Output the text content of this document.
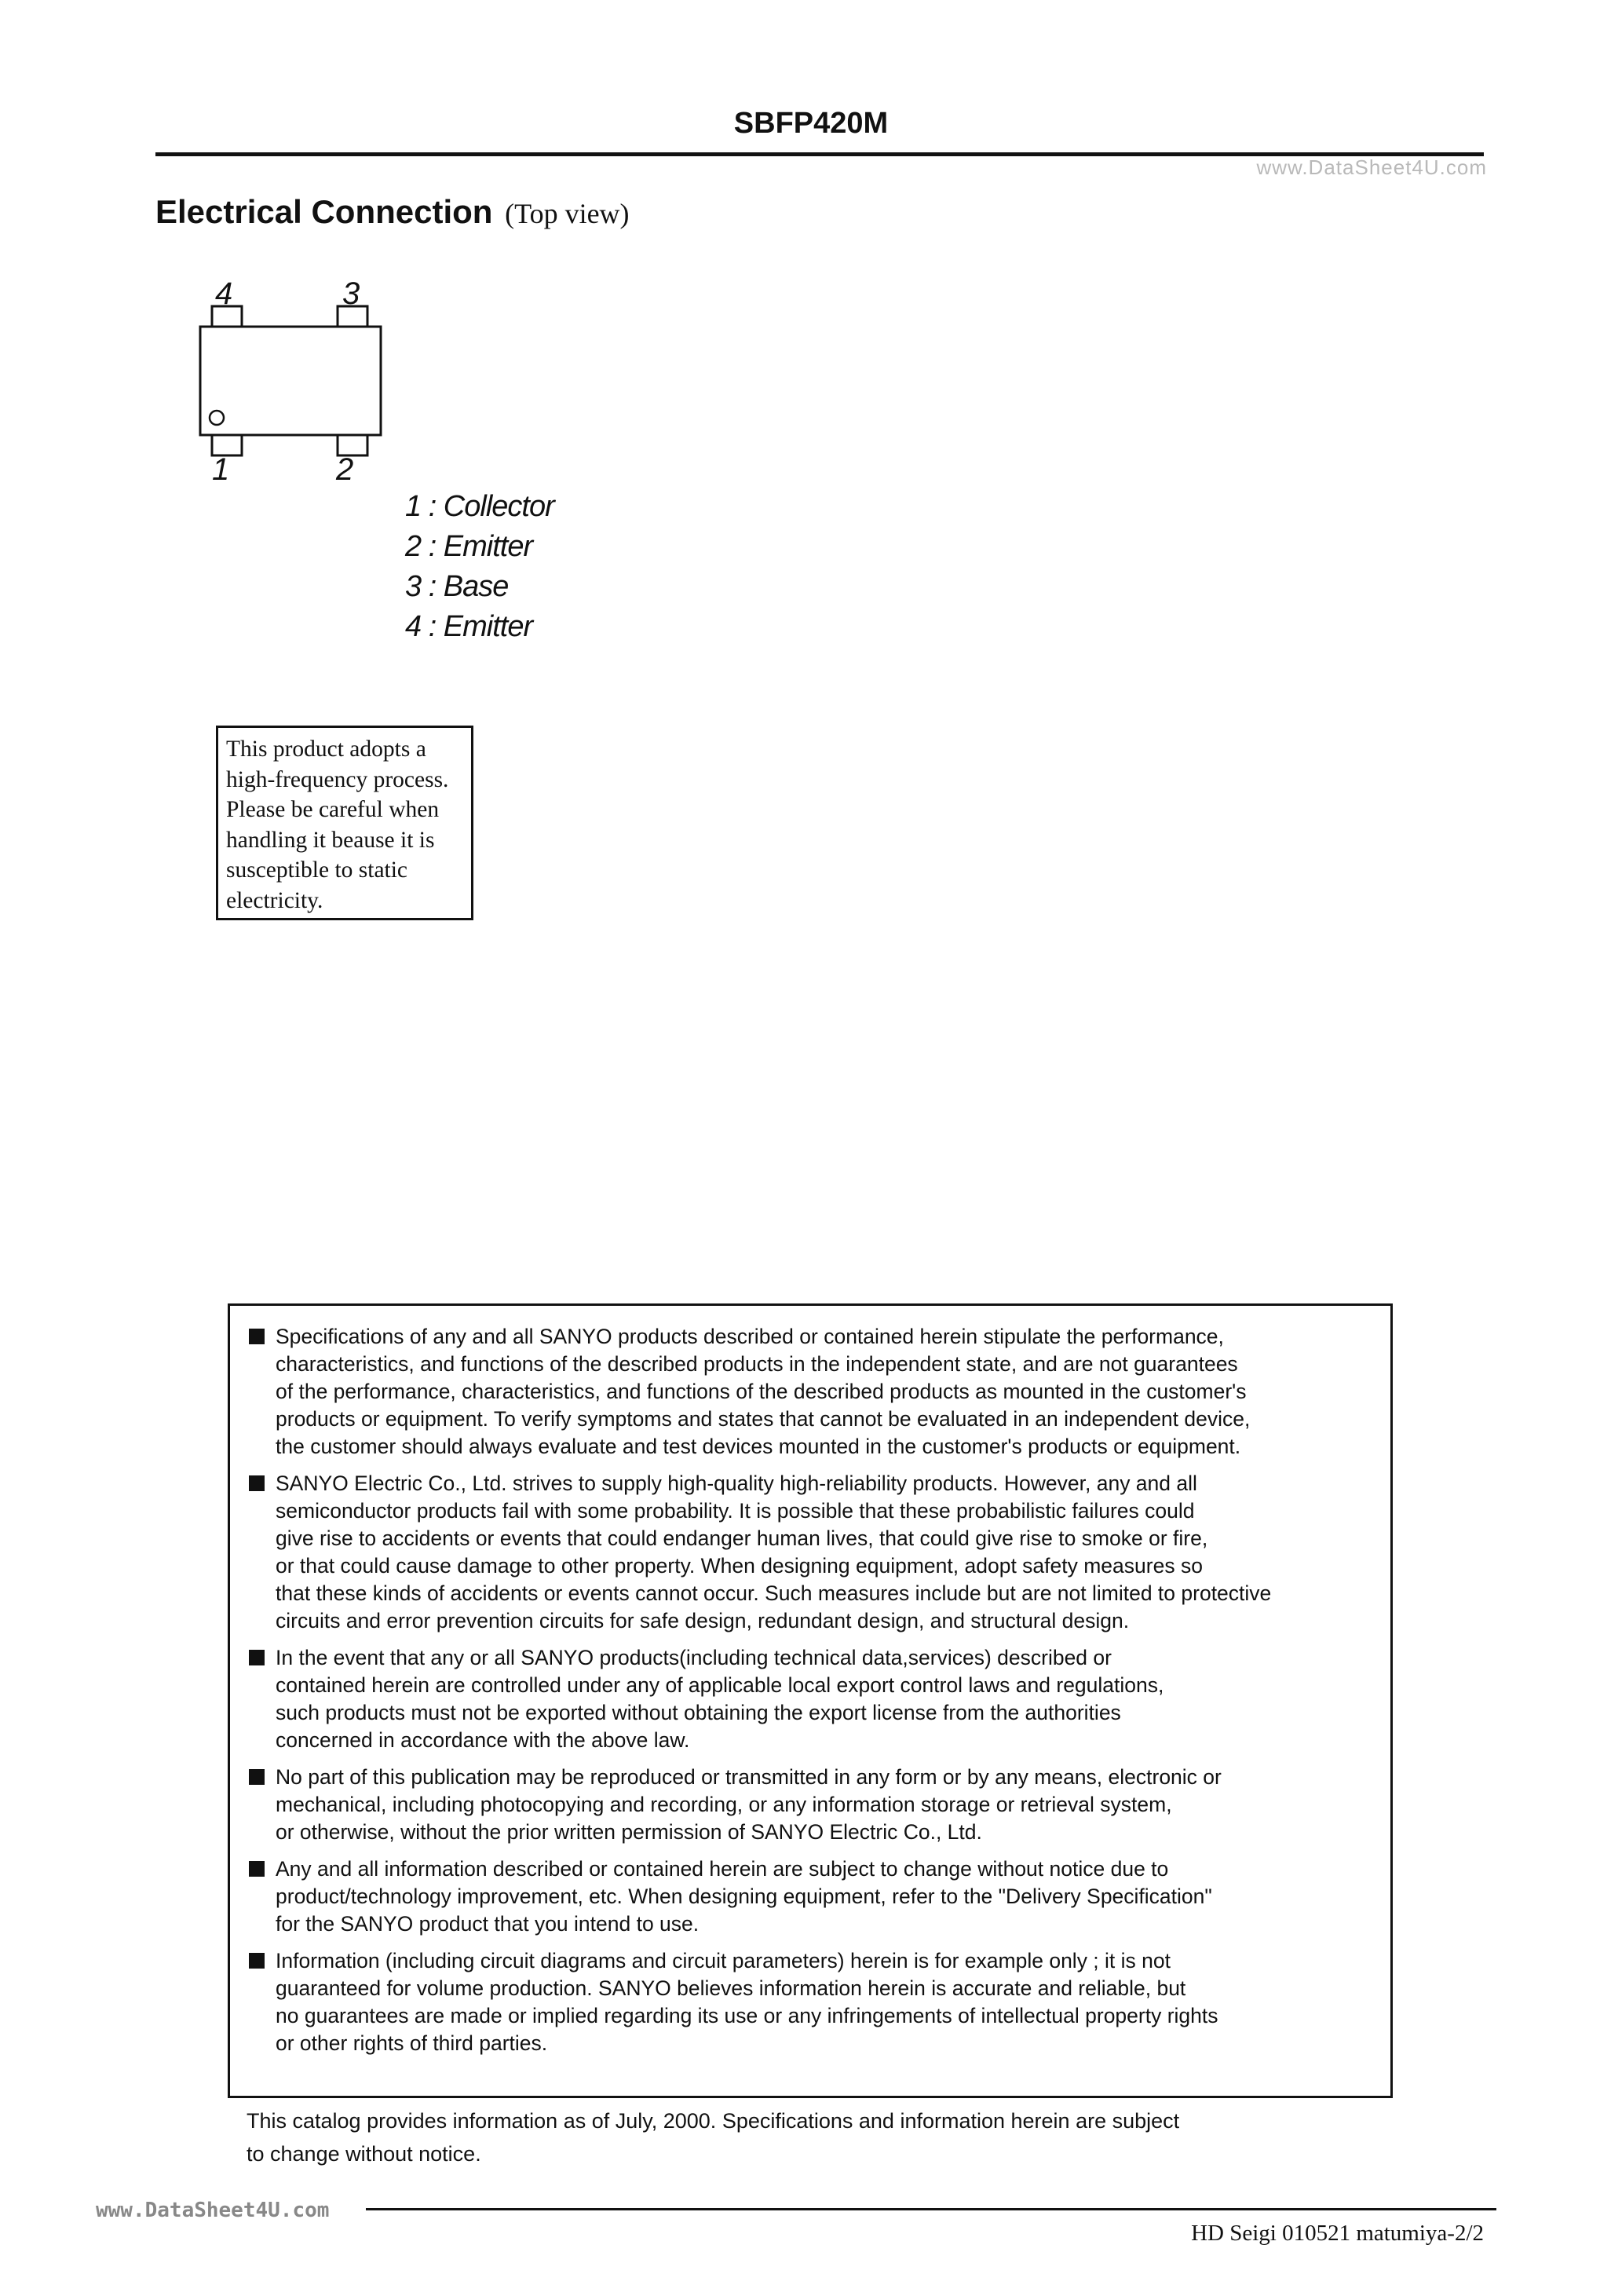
SBFP420M
www.DataSheet4U.com
Electrical Connection (Top view)
4	3
1	2
1 : Collector
2 : Emitter
3 : Base
4 : Emitter
This product adopts a
high-frequency process.
Please be careful when
handling it beause it is
susceptible to static
electricity.
Specifications of any and all SANYO products described or contained herein stipulate the performance,
characteristics, and functions of the described products in the independent state, and are not guarantees
of the performance, characteristics, and functions of the described products as mounted in the customer's
products or equipment. To verify symptoms and states that cannot be evaluated in an independent device,
the customer should always evaluate and test devices mounted in the customer's products or equipment.
SANYO Electric Co., Ltd. strives to supply high-quality high-reliability products. However, any and all
semiconductor products fail with some probability. It is possible that these probabilistic failures could
give rise to accidents or events that could endanger human lives, that could give rise to smoke or fire,
or that could cause damage to other property. When designing equipment, adopt safety measures so
that these kinds of accidents or events cannot occur. Such measures include but are not limited to protective
circuits and error prevention circuits for safe design, redundant design, and structural design.
In the event that any or all SANYO products(including technical data,services) described or
contained herein are controlled under any of applicable local export control laws and regulations,
such products must not be exported without obtaining the export license from the authorities
concerned in accordance with the above law.
No part of this publication may be reproduced or transmitted in any form or by any means, electronic or
mechanical, including photocopying and recording, or any information storage or retrieval system,
or otherwise, without the prior written permission of SANYO Electric Co., Ltd.
Any and all information described or contained herein are subject to change without notice due to
product/technology improvement, etc. When designing equipment, refer to the "Delivery Specification"
for the SANYO product that you intend to use.
Information (including circuit diagrams and circuit parameters) herein is for example only ; it is not
guaranteed for volume production. SANYO believes information herein is accurate and reliable, but
no guarantees are made or implied regarding its use or any infringements of intellectual property rights
or other rights of third parties.
This catalog provides information as of July, 2000. Specifications and information herein are subject
to change without notice.
www.DataSheet4U.com
HD Seigi 010521 matumiya-2/2
